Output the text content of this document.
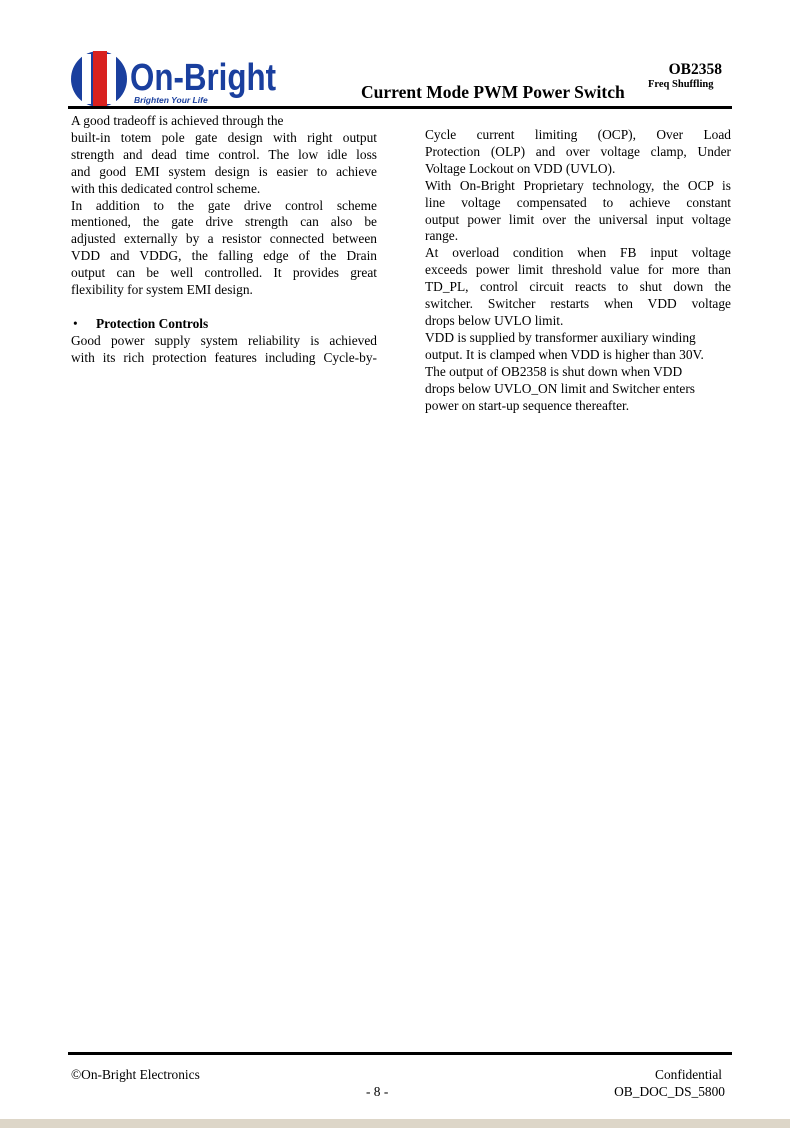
On-Bright
Brighten Your Life
OB2358
Current Mode PWM Power Switch Freq Shuffling

A good tradeoff is achieved through the

built-in totem pole gate design with right output

strength and dead time control. The low idle loss

and good EMI system design is easier to achieve

with this dedicated control scheme.

In addition to the gate drive control scheme

mentioned, the gate drive strength can also be

adjusted externally by a resistor connected between

VDD and VDDG, the falling edge of the Drain

output can be well controlled. It provides great

flexibility for system EMI design.

• Protection Controls

Good power supply system reliability is achieved

with its rich protection features including Cycle-by-

Cycle current limiting (OCP), Over Load

Protection (OLP) and over voltage clamp, Under

Voltage Lockout on VDD (UVLO).

With On-Bright Proprietary technology, the OCP is

line voltage compensated to achieve constant

output power limit over the universal input voltage

range.

At overload condition when FB input voltage

exceeds power limit threshold value for more than

TD_PL, control circuit reacts to shut down the

switcher. Switcher restarts when VDD voltage

drops below UVLO limit.

VDD is supplied by transformer auxiliary winding

output. It is clamped when VDD is higher than 30V.

The output of OB2358 is shut down when VDD

drops below UVLO_ON limit and Switcher enters

power on start-up sequence thereafter.

©On-Bright Electronics	Confidential
- 8 -	OB_DOC_DS_5800
